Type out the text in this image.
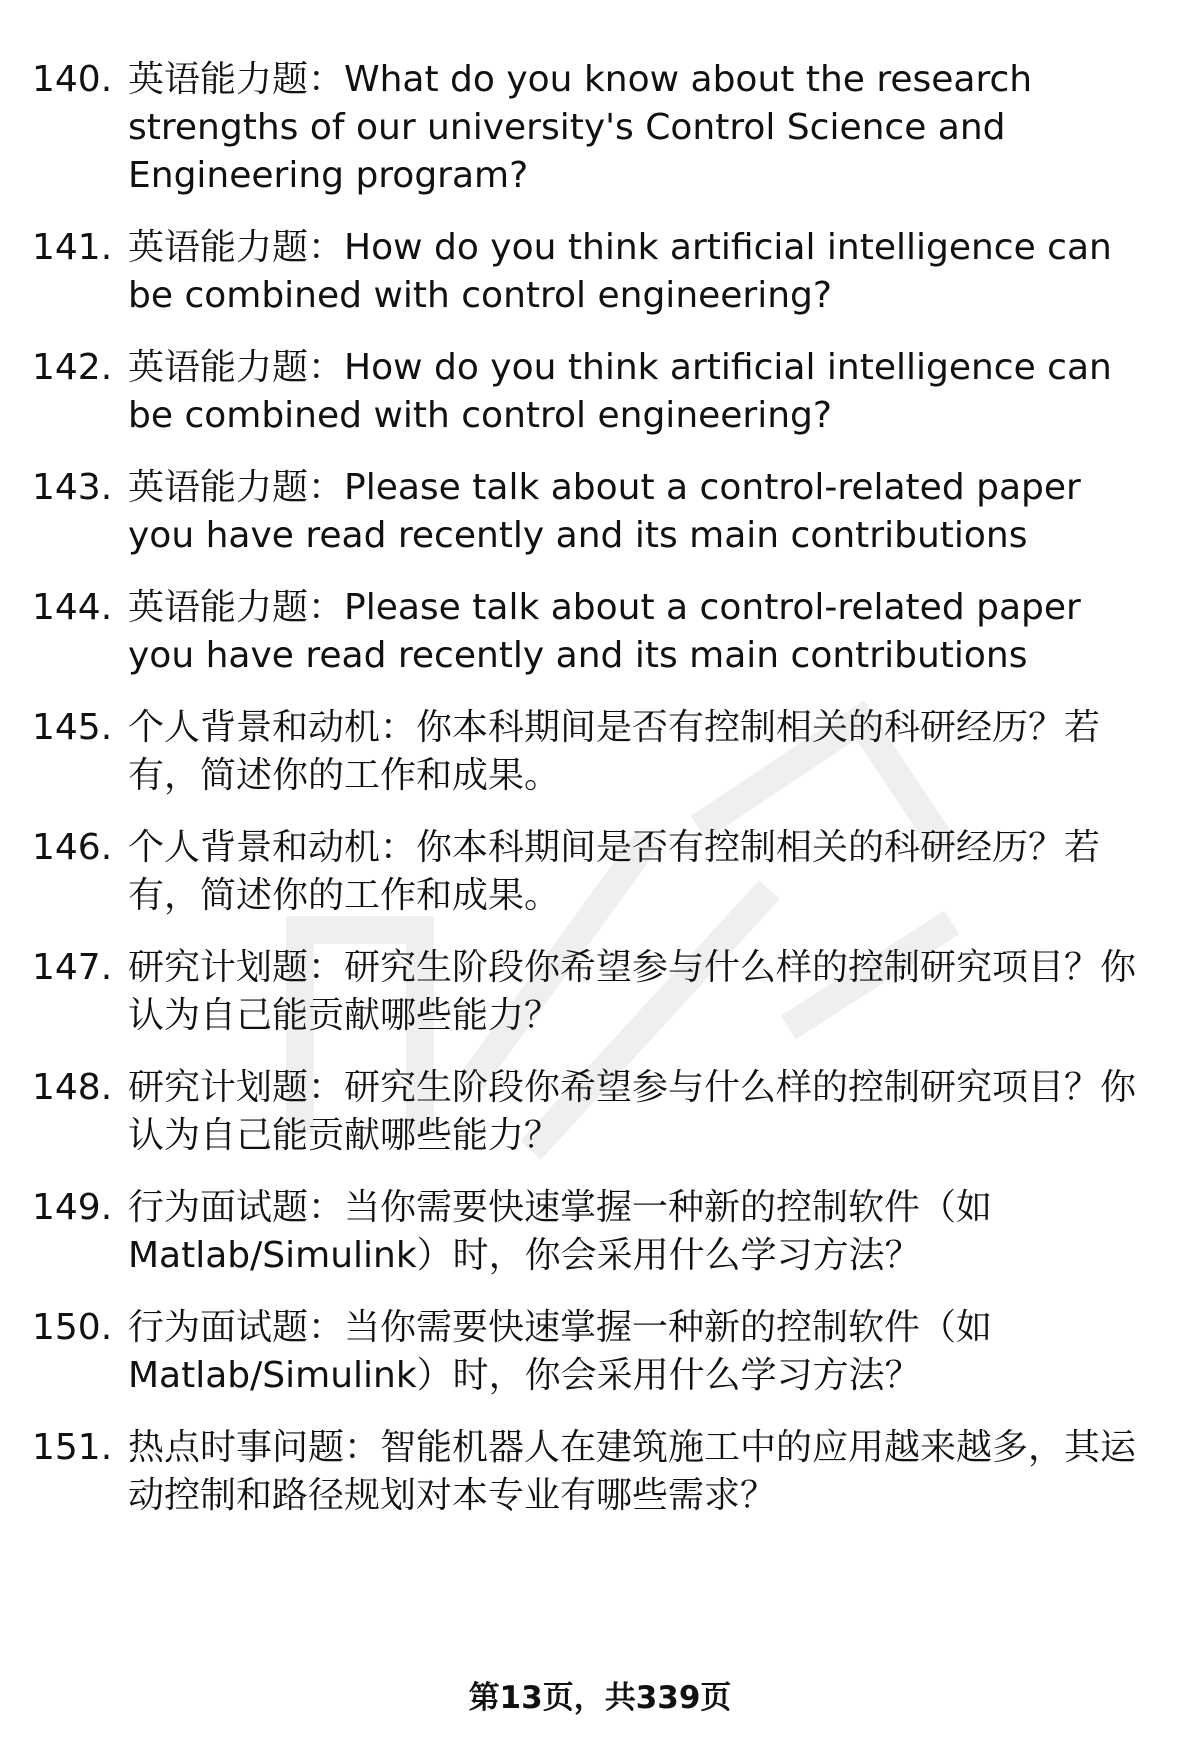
140. 英语能力题：What do you know about the research strengths of our university's Control Science and Engineering program?
141. 英语能力题：How do you think artificial intelligence can be combined with control engineering?
142. 英语能力题：How do you think artificial intelligence can be combined with control engineering?
143. 英语能力题：Please talk about a control-related paper you have read recently and its main contributions
144. 英语能力题：Please talk about a control-related paper you have read recently and its main contributions
145. 个人背景和动机：你本科期间是否有控制相关的科研经历？若有，简述你的工作和成果。
146. 个人背景和动机：你本科期间是否有控制相关的科研经历？若有，简述你的工作和成果。
147. 研究计划题：研究生阶段你希望参与什么样的控制研究项目？你认为自己能贡献哪些能力？
148. 研究计划题：研究生阶段你希望参与什么样的控制研究项目？你认为自己能贡献哪些能力？
149. 行为面试题：当你需要快速掌握一种新的控制软件（如Matlab/Simulink）时，你会采用什么学习方法？
150. 行为面试题：当你需要快速掌握一种新的控制软件（如Matlab/Simulink）时，你会采用什么学习方法？
151. 热点时事问题：智能机器人在建筑施工中的应用越来越多，其运动控制和路径规划对本专业有哪些需求？
第13页，共339页
